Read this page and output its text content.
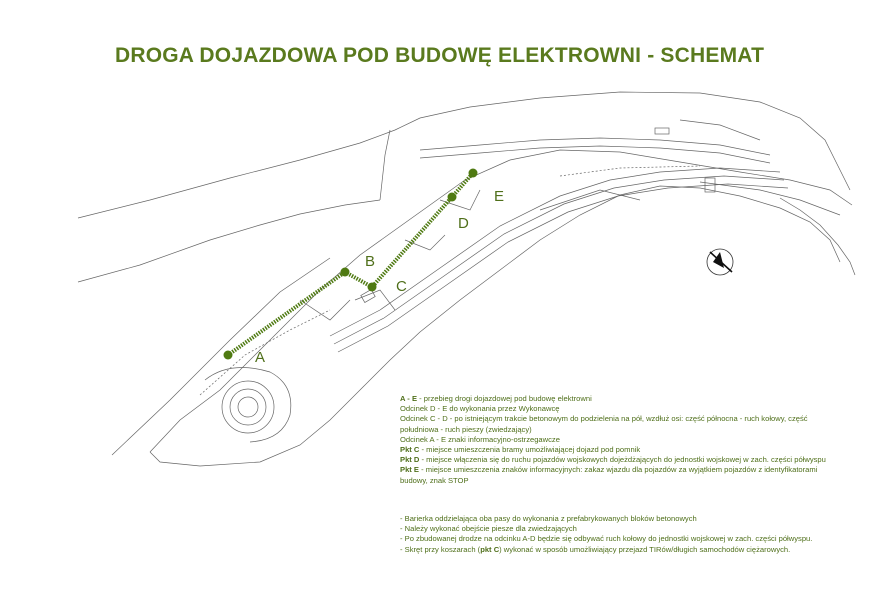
DROGA DOJAZDOWA POD BUDOWĘ ELEKTROWNI - SCHEMAT
A
B
C
D
E

A - E - przebieg drogi dojazdowej pod budowę elektrowni

Odcinek D - E do wykonania przez Wykonawcę

Odcinek C - D - po istniejącym trakcie betonowym do podzielenia na pół, wzdłuż osi: część północna - ruch kołowy, część południowa - ruch pieszy (zwiedzający)

Odcinek A - E znaki informacyjno-ostrzegawcze

Pkt C - miejsce umieszczenia bramy umożliwiającej dojazd pod pomnik

Pkt D - miejsce włączenia się do ruchu pojazdów wojskowych dojeżdżających do jednostki wojskowej w zach. części półwyspu

Pkt E - miejsce umieszczenia znaków informacyjnych: zakaz wjazdu dla pojazdów za wyjątkiem pojazdów z identyfikatorami budowy, znak STOP

- Barierka oddzielająca oba pasy do wykonania z prefabrykowanych bloków betonowych

- Należy wykonać obejście piesze dla zwiedzających

- Po zbudowanej drodze na odcinku A-D będzie się odbywać ruch kołowy do jednostki wojskowej w zach. części półwyspu.

- Skręt przy koszarach (pkt C) wykonać w sposób umożliwiający przejazd TIRów/długich samochodów ciężarowych.
